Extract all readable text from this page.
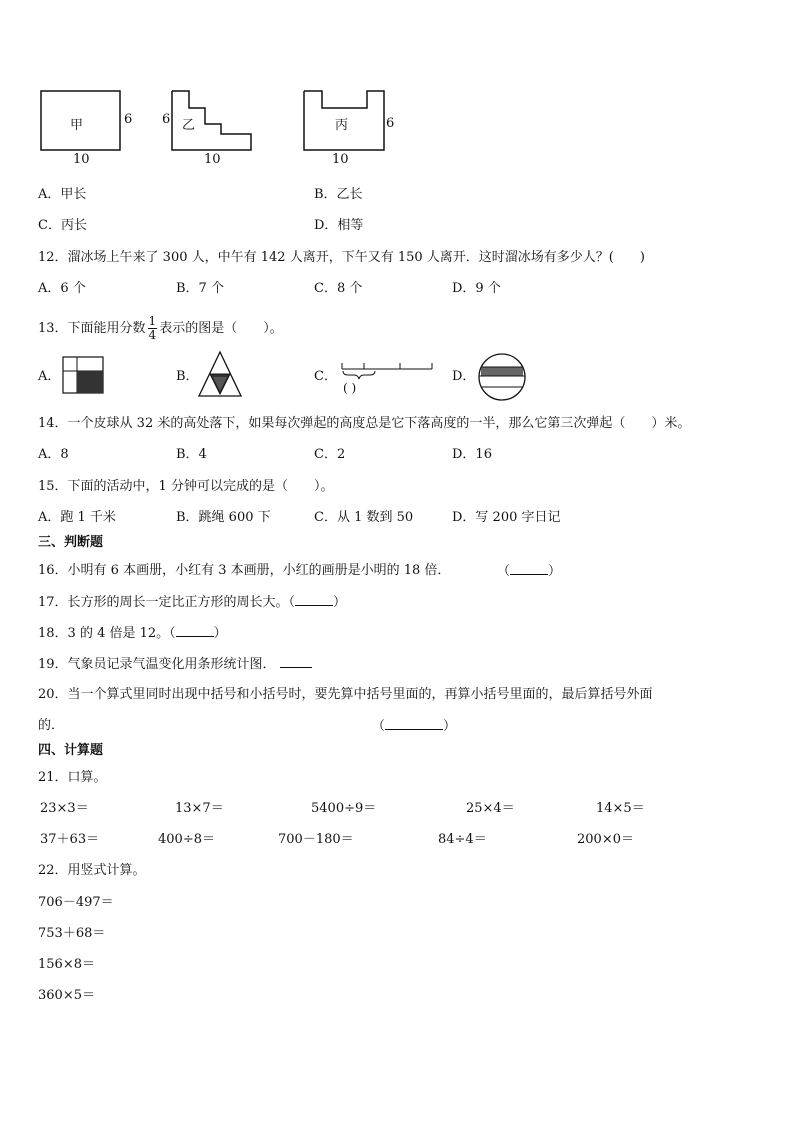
甲	6
10
乙
6
10
丙	6
10
A．甲长	B．乙长
C．丙长	D．相等
12．溜冰场上午来了 300 人，中午有 142 人离开，下午又有 150 人离开．这时溜冰场有多少人？(　　)
A．6 个	B．7 个	C．8 个	D．9 个
13．下面能用分数 $\frac{1}{4}$ 表示的图是（　　）。
A．	B．	C．	D．
( )
14．一个皮球从 32 米的高处落下，如果每次弹起的高度总是它下落高度的一半，那么它第三次弹起（　　）米。
A．8	B．4	C．2	D．16
15．下面的活动中，1 分钟可以完成的是（　　）。
A．跑 1 千米	B．跳绳 600 下	C．从 1 数到 50	D．写 200 字日记
三、判断题
16．小明有 6 本画册，小红有 3 本画册，小红的画册是小明的 18 倍．	（	）
17．长方形的周长一定比正方形的周长大。（	）
18．3 的 4 倍是 12。（	）
19．气象员记录气温变化用条形统计图．
20．当一个算式里同时出现中括号和小括号时，要先算中括号里面的，再算小括号里面的，最后算括号外面
的．	（	）
四、计算题
21．口算。
23×3＝	13×7＝	5400÷9＝	25×4＝	14×5＝
37＋63＝	400÷8＝	700－180＝	84÷4＝	200×0＝
22．用竖式计算。
706－497＝
753＋68＝
156×8＝
360×5＝
